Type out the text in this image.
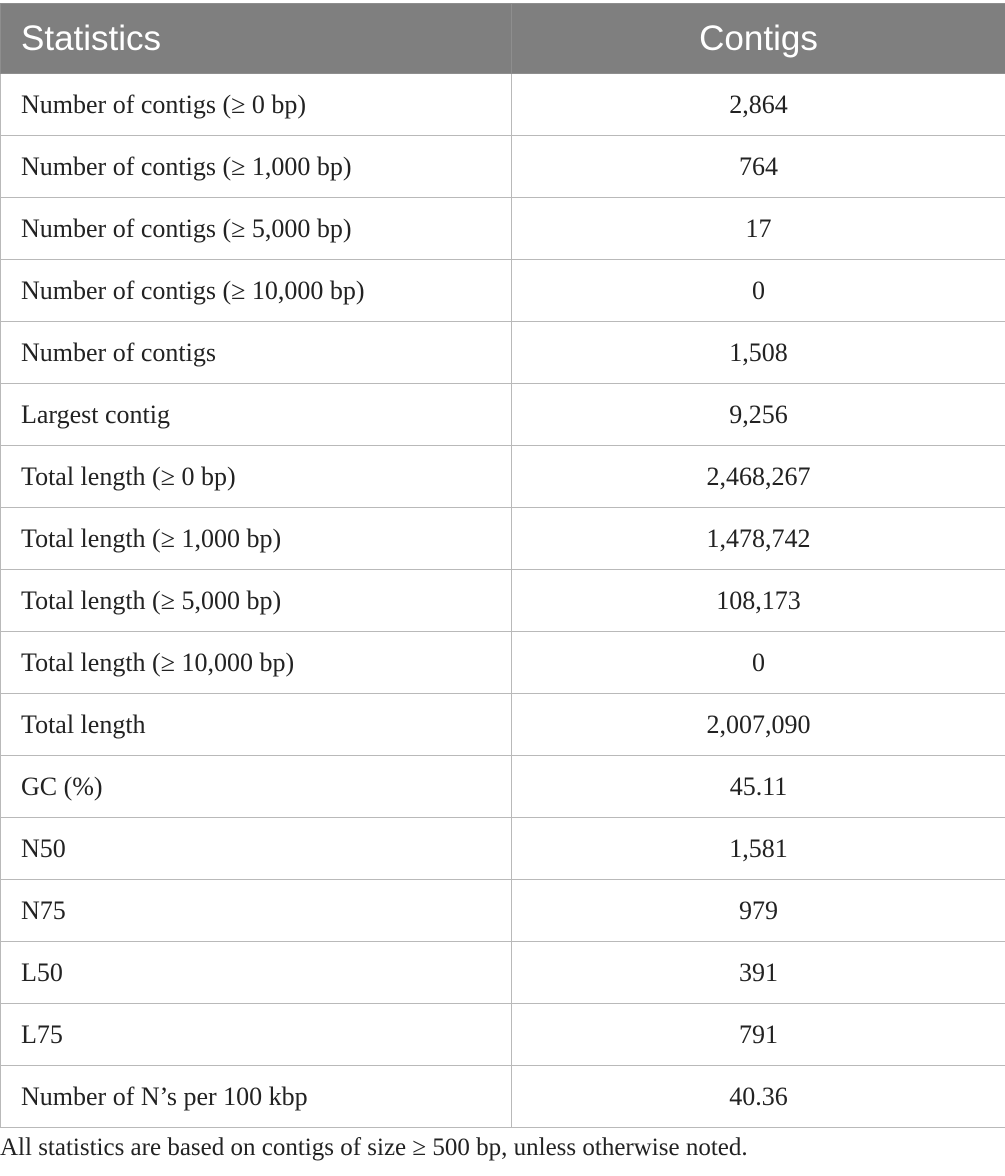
Statistics	Contigs
Number of contigs (≥ 0 bp)	2,864
Number of contigs (≥ 1,000 bp)	764
Number of contigs (≥ 5,000 bp)	17
Number of contigs (≥ 10,000 bp)	0
Number of contigs	1,508
Largest contig	9,256
Total length (≥ 0 bp)	2,468,267
Total length (≥ 1,000 bp)	1,478,742
Total length (≥ 5,000 bp)	108,173
Total length (≥ 10,000 bp)	0
Total length	2,007,090
GC (%)	45.11
N50	1,581
N75	979
L50	391
L75	791
Number of N’s per 100 kbp	40.36
All statistics are based on contigs of size ≥ 500 bp, unless otherwise noted.
